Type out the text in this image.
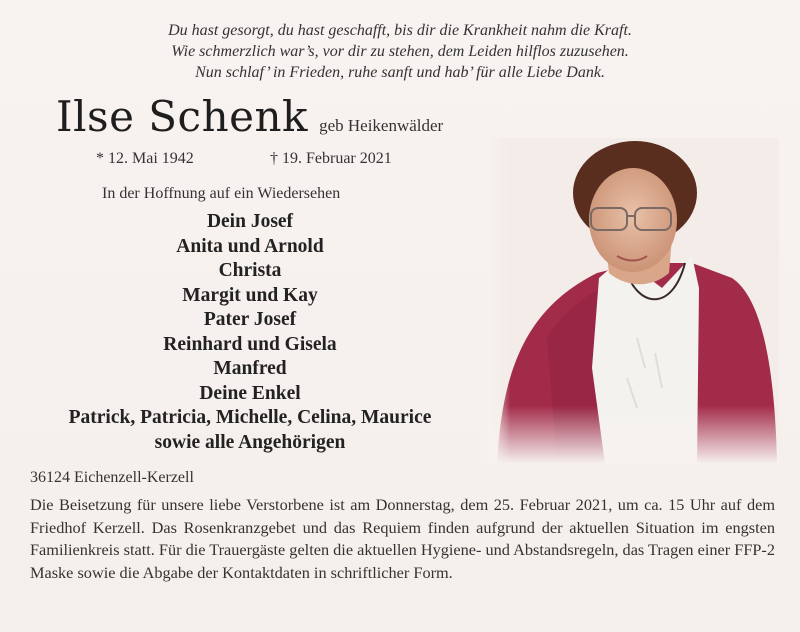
Du hast gesorgt, du hast geschafft, bis dir die Krankheit nahm die Kraft.
Wie schmerzlich war’s, vor dir zu stehen, dem Leiden hilflos zuzusehen.
Nun schlaf’ in Frieden, ruhe sanft und hab’ für alle Liebe Dank.
Ilse Schenk geb Heikenwälder
* 12. Mai 1942	† 19. Februar 2021
In der Hoffnung auf ein Wiedersehen
Dein Josef
Anita und Arnold
Christa
Margit und Kay
Pater Josef
Reinhard und Gisela
Manfred
Deine Enkel
Patrick, Patricia, Michelle, Celina, Maurice
sowie alle Angehörigen
36124 Eichenzell-Kerzell
Die Beisetzung für unsere liebe Verstorbene ist am Donnerstag, dem 25. Februar 2021, um ca. 15 Uhr auf dem Friedhof Kerzell. Das Rosenkranzgebet und das Requiem finden aufgrund der aktuellen Situation im engsten Familienkreis statt. Für die Trauergäste gelten die aktuellen Hygiene- und Abstandsregeln, das Tragen einer FFP-2 Maske sowie die Abgabe der Kontaktdaten in schriftlicher Form.
